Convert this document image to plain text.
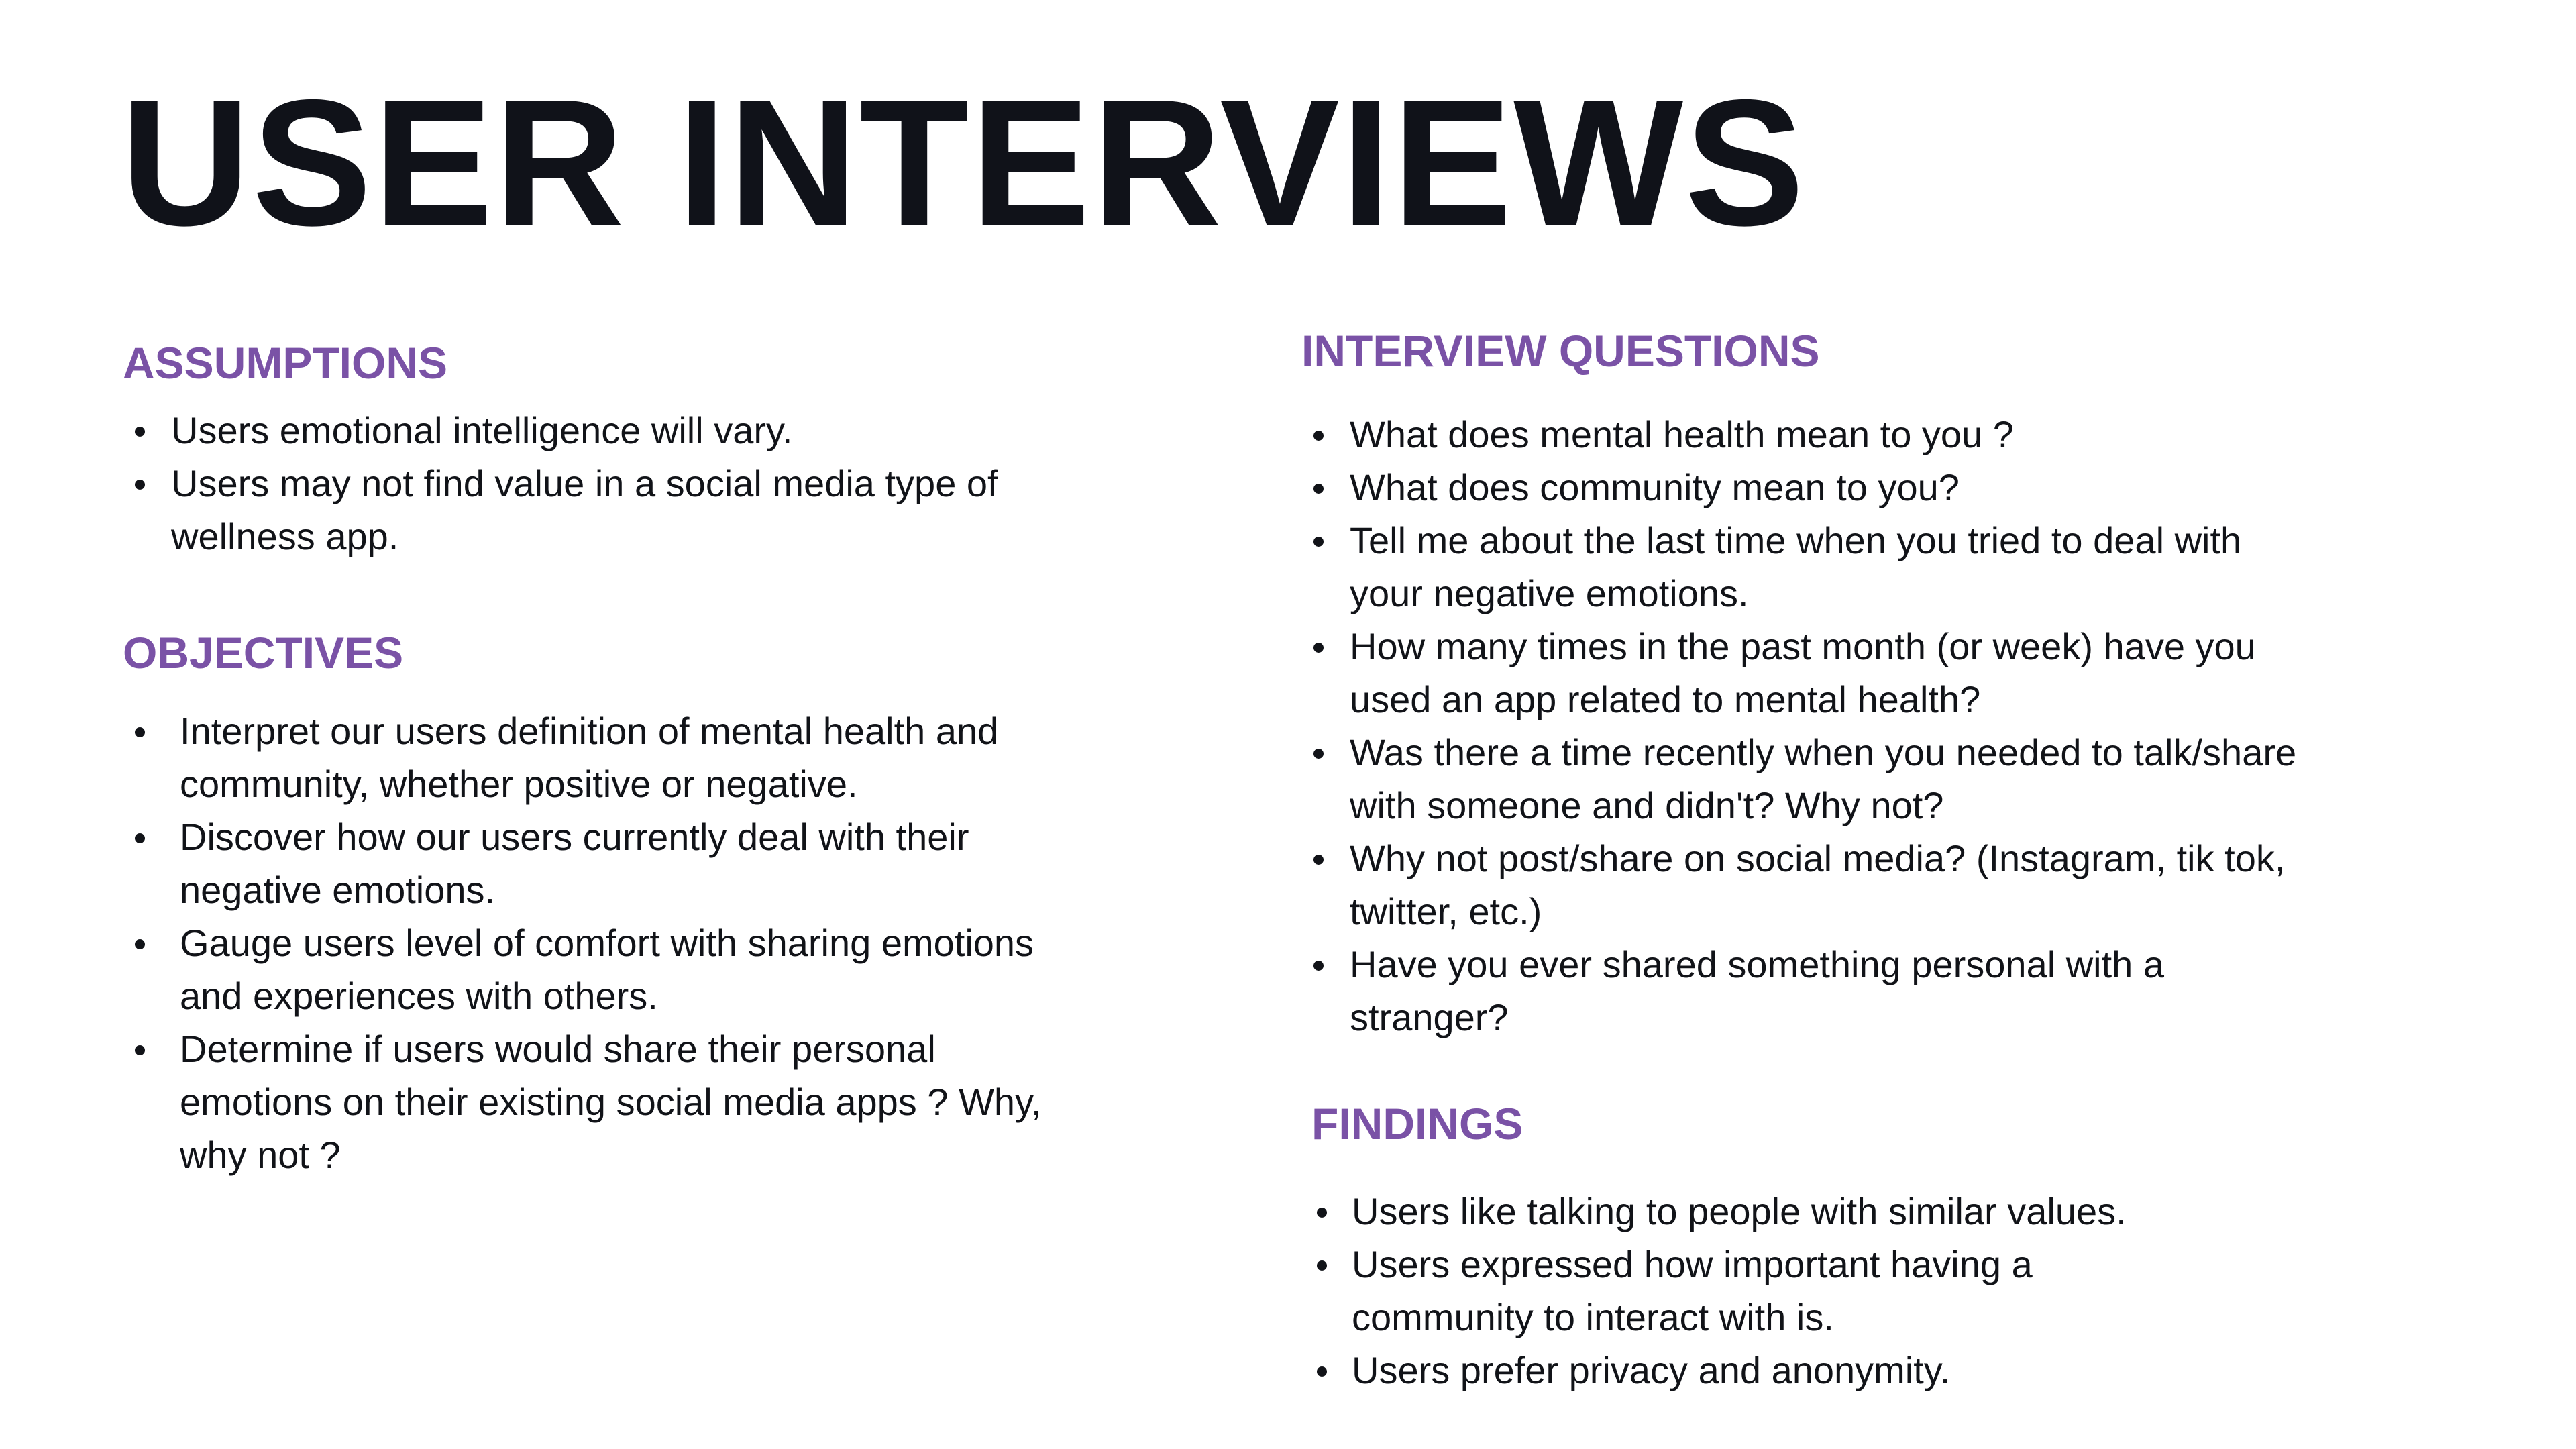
USER INTERVIEWS
ASSUMPTIONS
Users emotional intelligence will vary.
Users may not find value in a social media type of wellness app.
OBJECTIVES
Interpret our users definition of mental health and community, whether positive or negative.
Discover how our users currently deal with their negative emotions.
Gauge users level of comfort with sharing emotions and experiences with others.
Determine if users would share their personal emotions on their existing social media apps ? Why, why not ?
INTERVIEW QUESTIONS
What does mental health mean to you ?
What does community mean to you?
Tell me about the last time when you tried to deal with your negative emotions.
How many times in the past month (or week) have you used an app related to mental health?
Was there a time recently when you needed to talk/share with someone and didn't? Why not?
Why not post/share on social media? (Instagram, tik tok, twitter, etc.)
Have you ever shared something personal with a stranger?
FINDINGS
Users like talking to people with similar values.
Users expressed how important having a community to interact with is.
Users prefer privacy and anonymity.
